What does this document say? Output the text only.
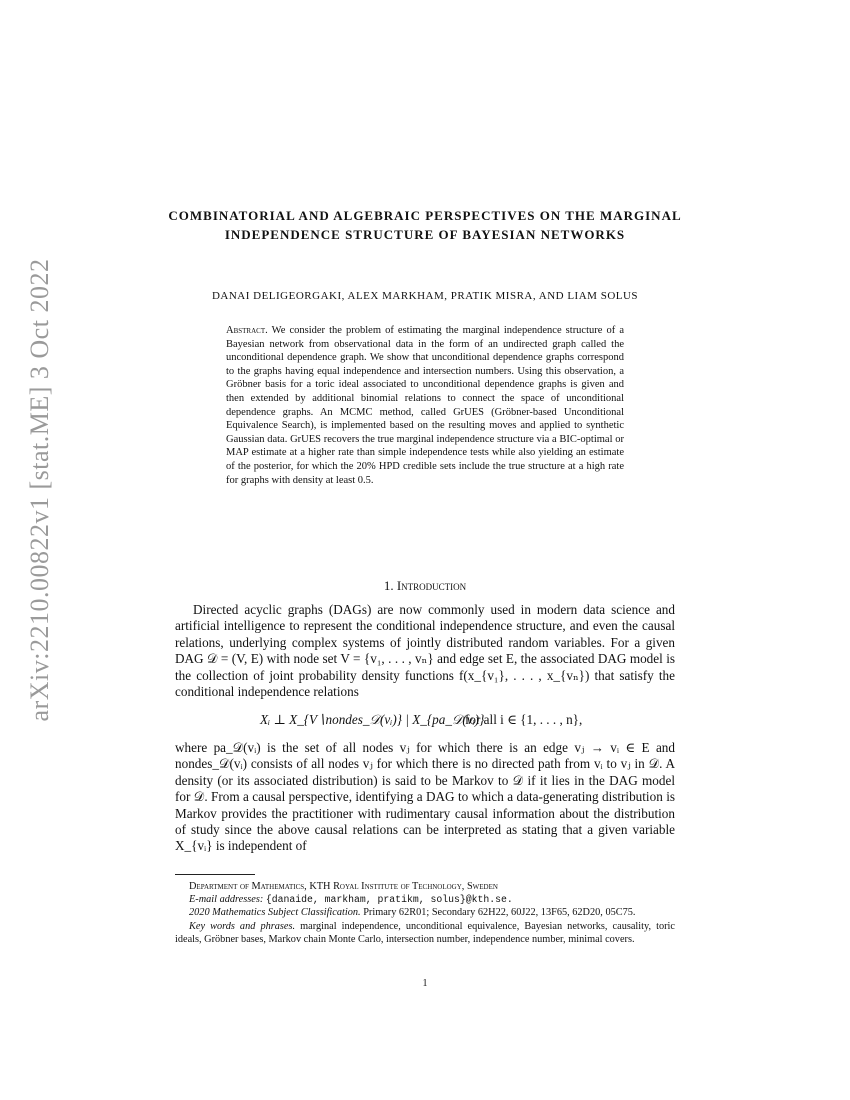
arXiv:2210.00822v1 [stat.ME] 3 Oct 2022
COMBINATORIAL AND ALGEBRAIC PERSPECTIVES ON THE MARGINAL INDEPENDENCE STRUCTURE OF BAYESIAN NETWORKS
DANAI DELIGEORGAKI, ALEX MARKHAM, PRATIK MISRA, AND LIAM SOLUS
Abstract. We consider the problem of estimating the marginal independence structure of a Bayesian network from observational data in the form of an undirected graph called the unconditional dependence graph. We show that unconditional dependence graphs correspond to the graphs having equal independence and intersection numbers. Using this observation, a Gröbner basis for a toric ideal associated to unconditional dependence graphs is given and then extended by additional binomial relations to connect the space of unconditional dependence graphs. An MCMC method, called GrUES (Gröbner-based Unconditional Equivalence Search), is implemented based on the resulting moves and applied to synthetic Gaussian data. GrUES recovers the true marginal independence structure via a BIC-optimal or MAP estimate at a higher rate than simple independence tests while also yielding an estimate of the posterior, for which the 20% HPD credible sets include the true structure at a high rate for graphs with density at least 0.5.
1. Introduction
Directed acyclic graphs (DAGs) are now commonly used in modern data science and artificial intelligence to represent the conditional independence structure, and even the causal relations, underlying complex systems of jointly distributed random variables. For a given DAG 𝒟 = (V, E) with node set V = {v₁, . . . , vₙ} and edge set E, the associated DAG model is the collection of joint probability density functions f(x_{v₁}, . . . , x_{vₙ}) that satisfy the conditional independence relations
Xᵢ ⊥ X_{V∖nondes_𝒟(vᵢ)} | X_{pa_𝒟(vᵢ)}
for all i ∈ {1, . . . , n},
where pa_𝒟(vᵢ) is the set of all nodes vⱼ for which there is an edge vⱼ → vᵢ ∈ E and nondes_𝒟(vᵢ) consists of all nodes vⱼ for which there is no directed path from vᵢ to vⱼ in 𝒟. A density (or its associated distribution) is said to be Markov to 𝒟 if it lies in the DAG model for 𝒟. From a causal perspective, identifying a DAG to which a data-generating distribution is Markov provides the practitioner with rudimentary causal information about the distribution of study since the above causal relations can be interpreted as stating that a given variable X_{vᵢ} is independent of

Department of Mathematics, KTH Royal Institute of Technology, Sweden

E-mail addresses: {danaide, markham, pratikm, solus}@kth.se.

2020 Mathematics Subject Classification. Primary 62R01; Secondary 62H22, 60J22, 13F65, 62D20, 05C75.

Key words and phrases. marginal independence, unconditional equivalence, Bayesian networks, causality, toric ideals, Gröbner bases, Markov chain Monte Carlo, intersection number, independence number, minimal covers.

1
